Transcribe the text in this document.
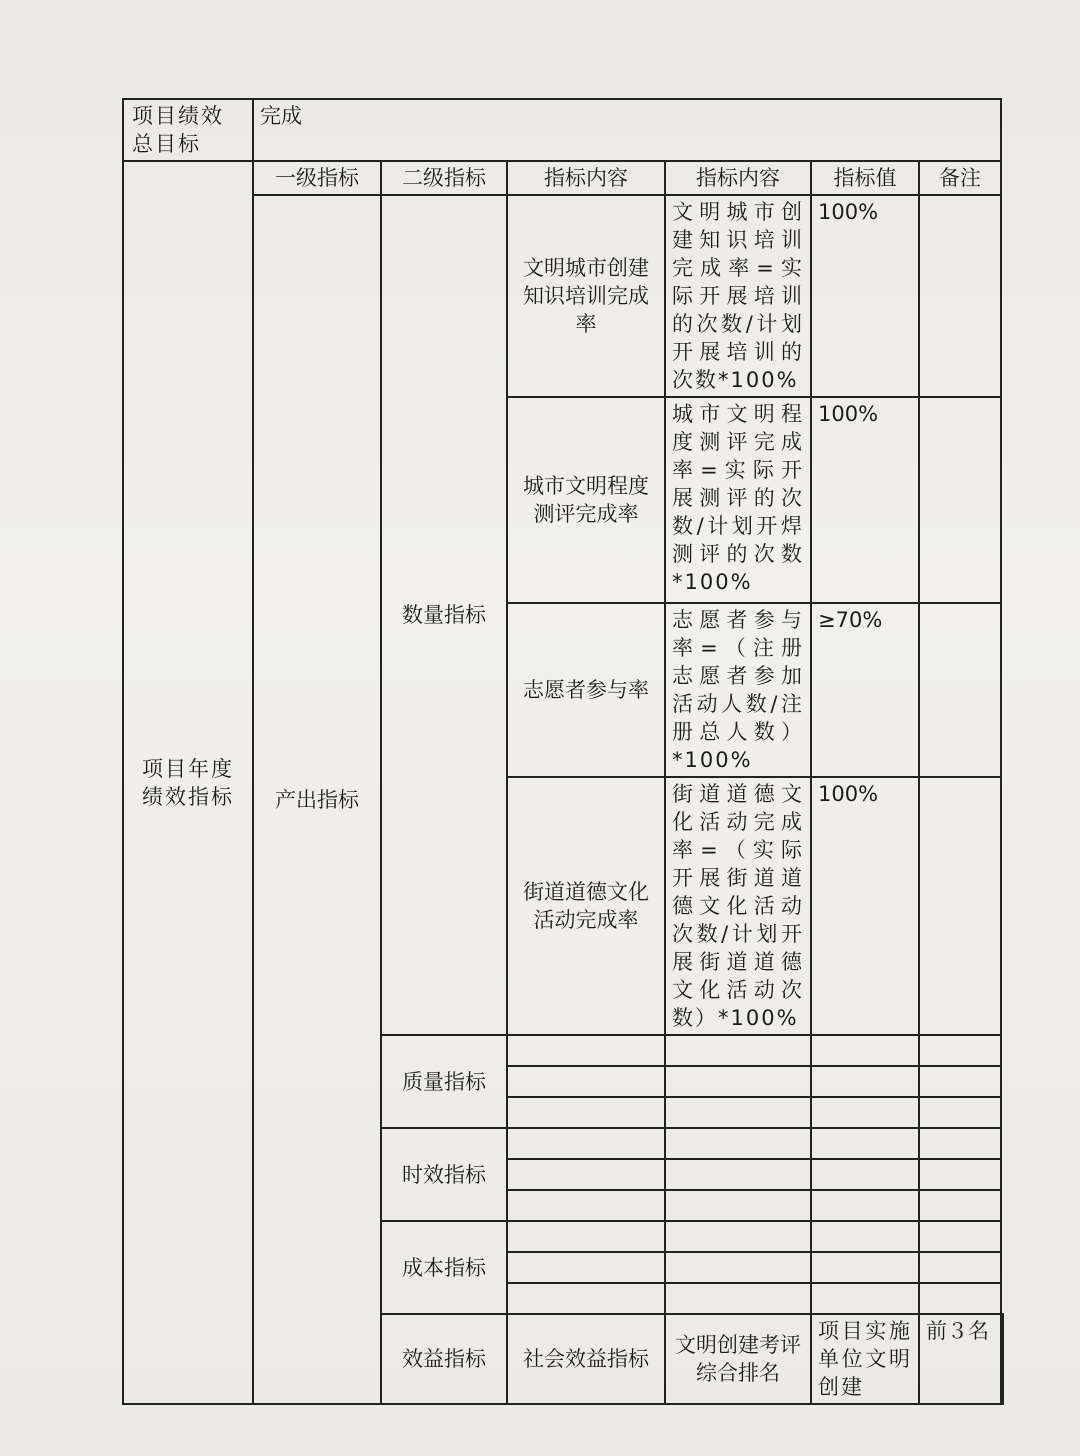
项目绩效总目标	完成						
项目年度绩效指标	一级指标	二级指标	指标内容	指标内容	指标值	备注	
	产出指标	数量指标	文明城市创建知识培训完成率	文明城市创建知识培训完成率=实际开展培训的次数/计划开展培训的次数*100%	100%		
			城市文明程度测评完成率	城市文明程度测评完成率=实际开展测评的次数/计划开焊测评的次数*100%	100%		
			志愿者参与率	志愿者参与率=（注册志愿者参加活动人数/注册总人数）*100%	≥70%		
			街道道德文化活动完成率	街道道德文化活动完成率=（实际开展街道道德文化活动次数/计划开展街道道德文化活动次数）*100%	100%		
		质量指标					

		时效指标					

		成本指标					

		效益指标	社会效益指标	文明创建考评综合排名	项目实施单位文明创建	前３名	
